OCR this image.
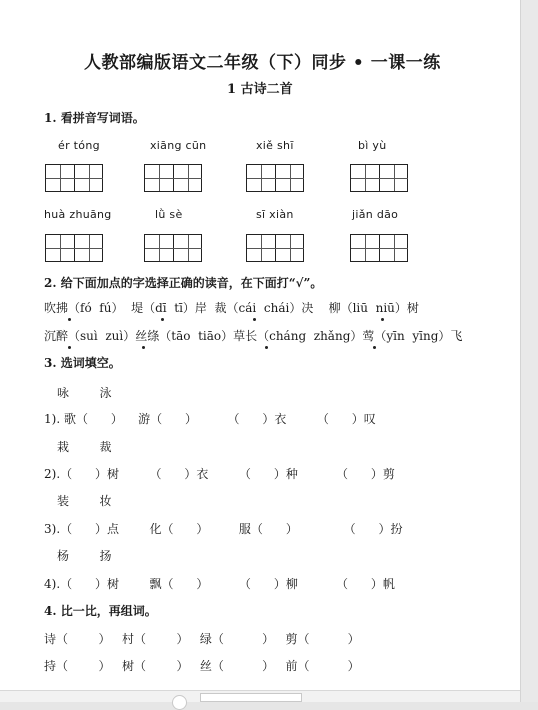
人教部编版语文二年级（下）同步 • 一课一练
1 古诗二首
1. 看拼音写词语。
ér tóng	xiāng cūn	xiě shī	bì yù
huà zhuāng	lǜ sè	sī xiàn	jiǎn dāo
2. 给下面加点的字选择正确的读音，在下面打“√”。
吹拂（fó  fú）  堤（dī  tī）岸  裁（cái  chái）决    柳（liū  niū）树
沉醉（suì  zuì）丝绦（tāo  tiāo）草长（cháng  zhǎng）莺（yīn  yīng）飞
3. 选词填空。
咏        泳
1). 歌（      ）    游（      ）        （      ）衣        （      ）叹
栽        裁
2).（      ）树        （      ）衣        （      ）种          （      ）剪
装        妆
3).（      ）点        化（      ）        服（      ）            （      ）扮
杨        扬
4).（      ）树        飘（      ）        （      ）柳          （      ）帆
4. 比一比，再组词。
诗（        ）   村（        ）   绿（          ）   剪（          ）
持（        ）   树（        ）   丝（          ）   前（          ）
